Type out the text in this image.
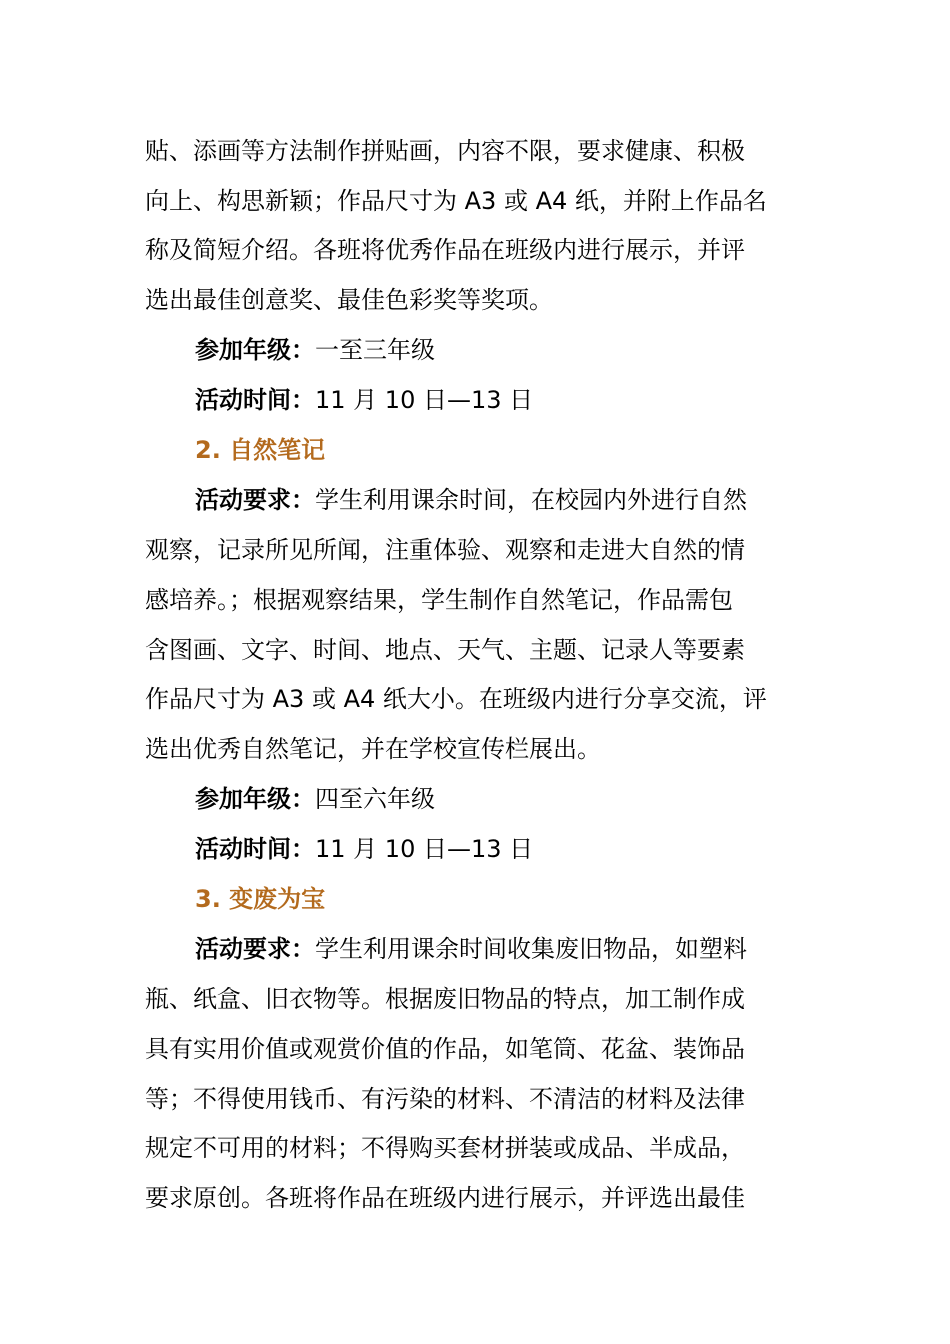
贴、添画等方法制作拼贴画，内容不限，要求健康、积极
向上、构思新颖；作品尺寸为 A3 或 A4 纸，并附上作品名
称及简短介绍。各班将优秀作品在班级内进行展示，并评
选出最佳创意奖、最佳色彩奖等奖项。
参加年级：一至三年级
活动时间：11 月 10 日—13 日
2. 自然笔记
活动要求：学生利用课余时间，在校园内外进行自然
观察，记录所见所闻，注重体验、观察和走进大自然的情
感培养。；根据观察结果，学生制作自然笔记，作品需包
含图画、文字、时间、地点、天气、主题、记录人等要素
作品尺寸为 A3 或 A4 纸大小。在班级内进行分享交流，评
选出优秀自然笔记，并在学校宣传栏展出。
参加年级：四至六年级
活动时间：11 月 10 日—13 日
3. 变废为宝
活动要求：学生利用课余时间收集废旧物品，如塑料
瓶、纸盒、旧衣物等。根据废旧物品的特点，加工制作成
具有实用价值或观赏价值的作品，如笔筒、花盆、装饰品
等；不得使用钱币、有污染的材料、不清洁的材料及法律
规定不可用的材料；不得购买套材拼装或成品、半成品，
要求原创。各班将作品在班级内进行展示，并评选出最佳
